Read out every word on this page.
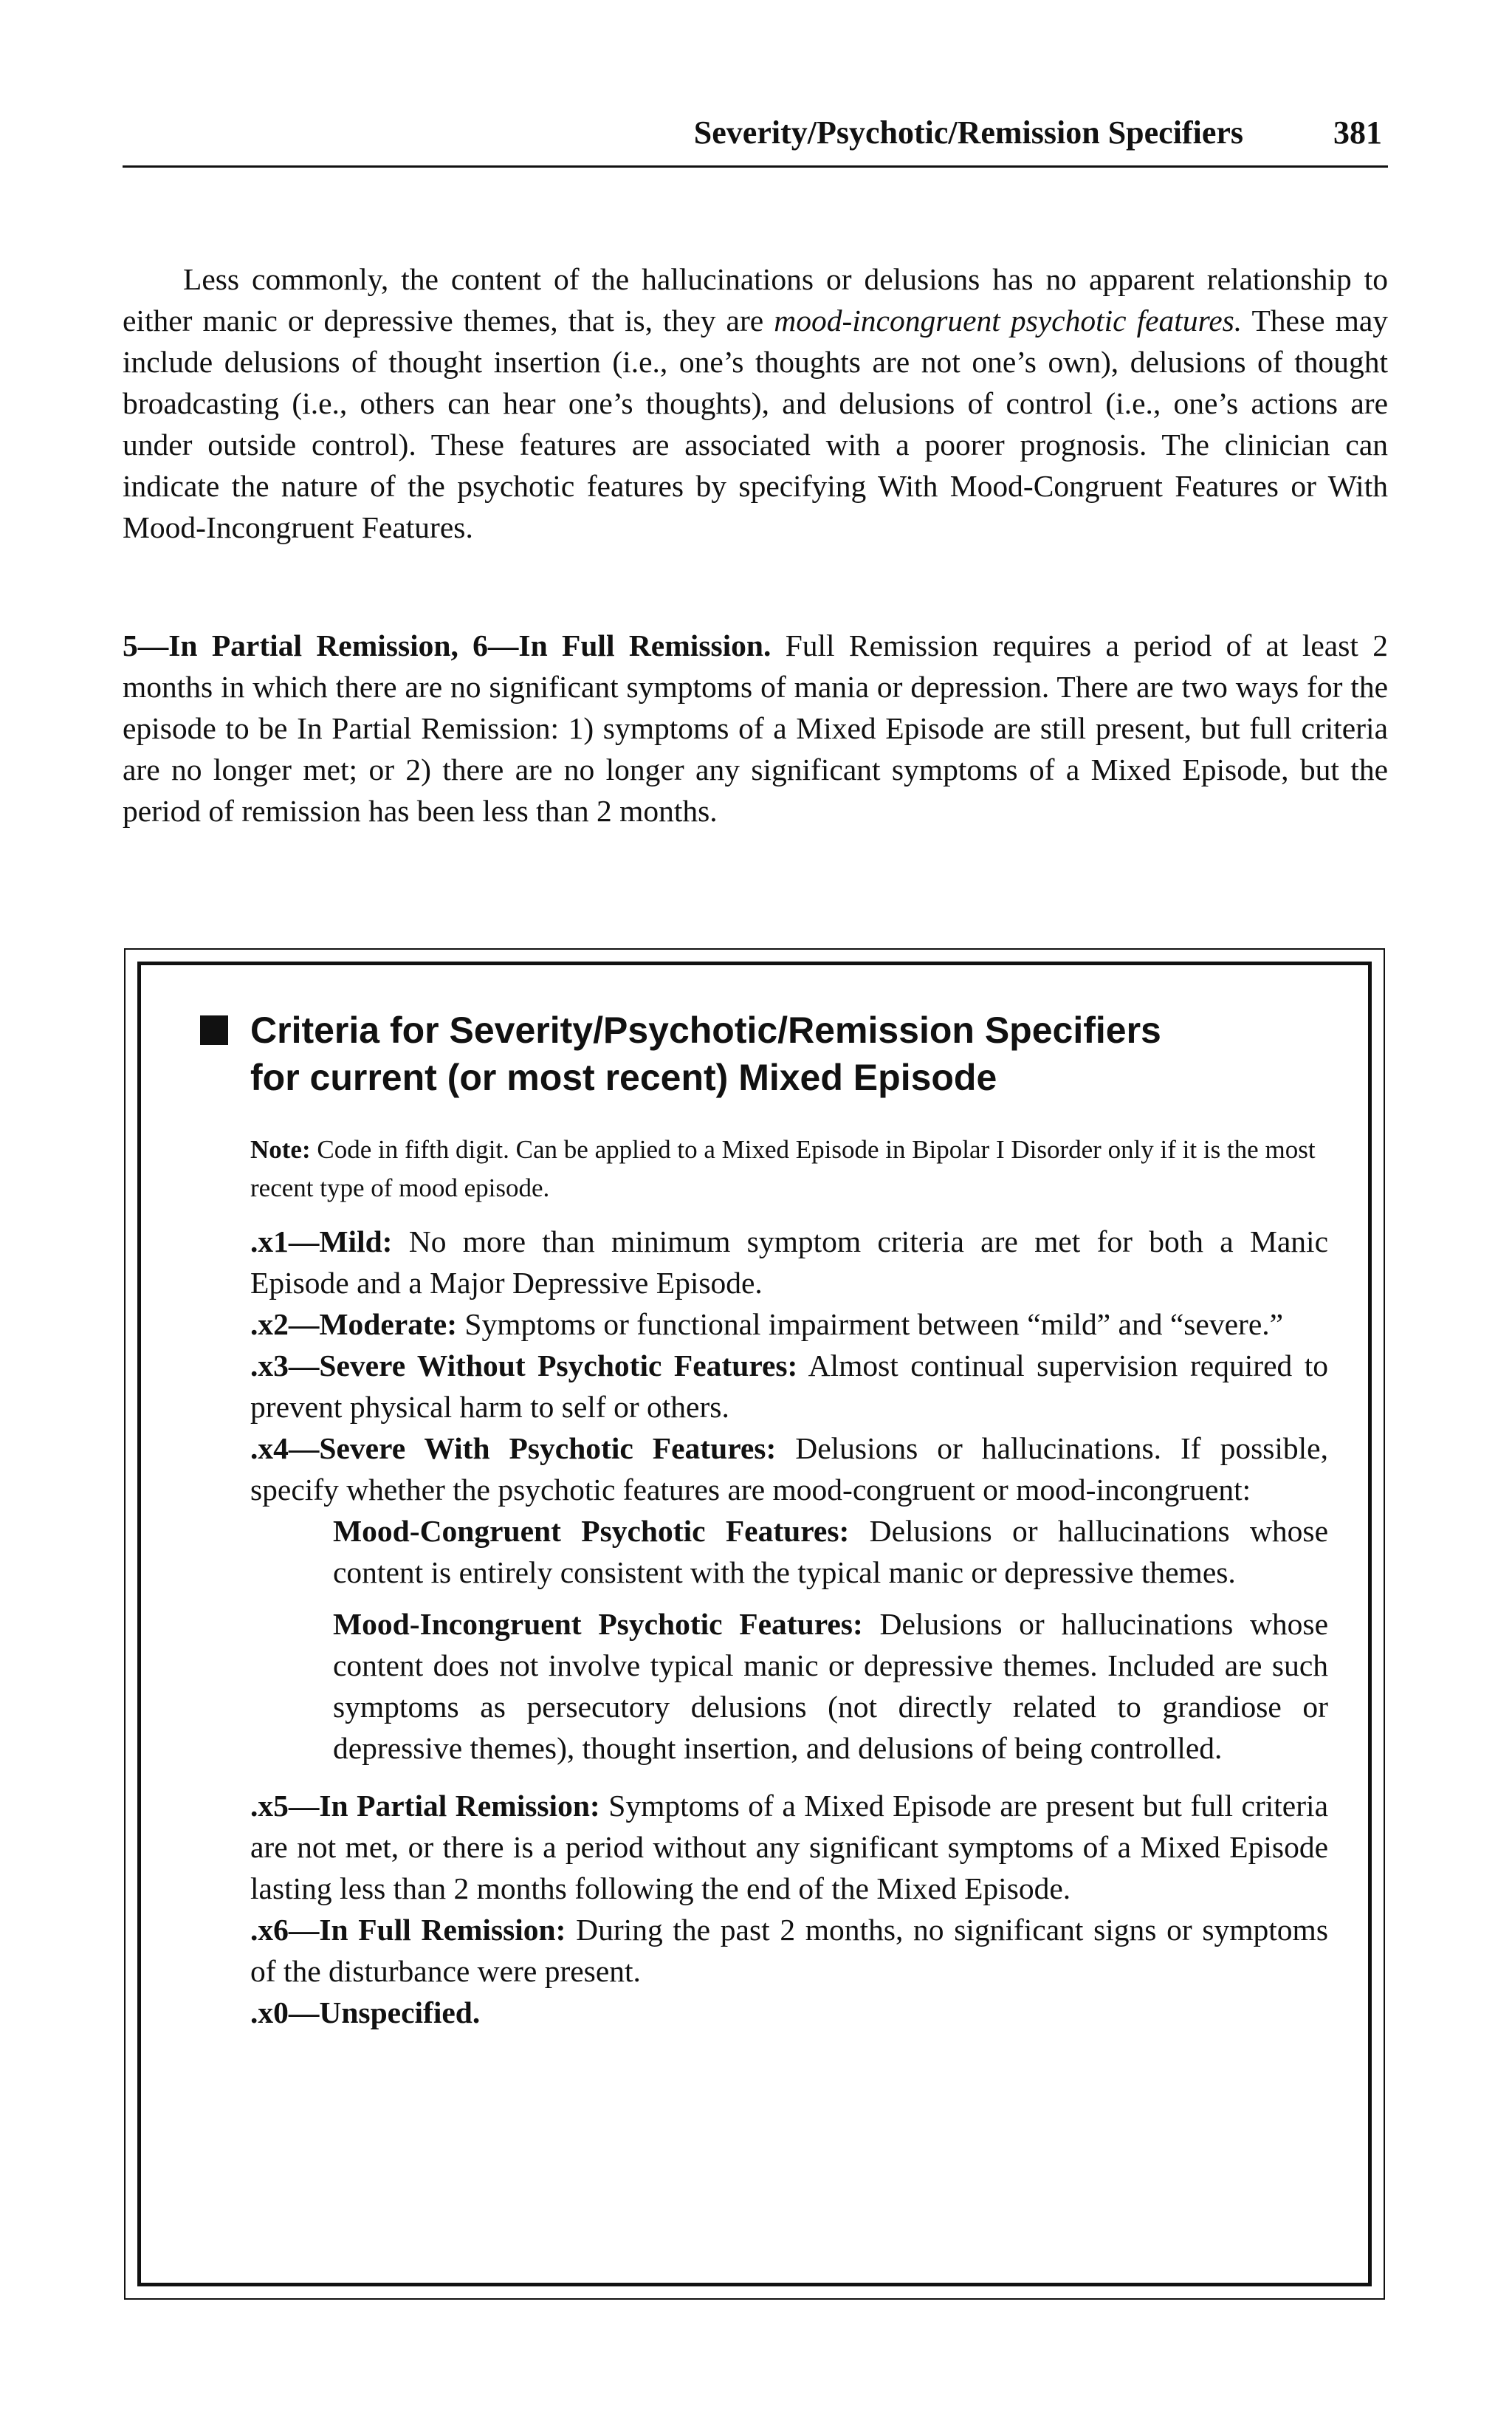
Severity/Psychotic/Remission Specifiers	381

Less commonly, the content of the hallucinations or delusions has no apparent relationship to either manic or depressive themes, that is, they are mood-incongruent psychotic features. These may include delusions of thought insertion (i.e., one’s thoughts are not one’s own), delusions of thought broadcasting (i.e., others can hear one’s thoughts), and delusions of control (i.e., one’s actions are under outside control). These features are associated with a poorer prognosis. The clinician can indicate the nature of the psychotic features by specifying With Mood-Congruent Features or With Mood-Incongruent Features.

5—In Partial Remission, 6—In Full Remission. Full Remission requires a period of at least 2 months in which there are no significant symptoms of mania or depression. There are two ways for the episode to be In Partial Remission: 1) symptoms of a Mixed Episode are still present, but full criteria are no longer met; or 2) there are no longer any significant symptoms of a Mixed Episode, but the period of remission has been less than 2 months.

Criteria for Severity/Psychotic/Remission Specifiers
for current (or most recent) Mixed Episode

Note: Code in fifth digit. Can be applied to a Mixed Episode in Bipolar I Disorder only if it is the most recent type of mood episode.

.x1—Mild: No more than minimum symptom criteria are met for both a Manic Episode and a Major Depressive Episode.

.x2—Moderate: Symptoms or functional impairment between “mild” and “severe.”

.x3—Severe Without Psychotic Features: Almost continual supervision required to prevent physical harm to self or others.

.x4—Severe With Psychotic Features: Delusions or hallucinations. If possible, specify whether the psychotic features are mood-congruent or mood-incongruent:

Mood-Congruent Psychotic Features: Delusions or hallucinations whose content is entirely consistent with the typical manic or depressive themes.

Mood-Incongruent Psychotic Features: Delusions or hallucinations whose content does not involve typical manic or depressive themes. Included are such symptoms as persecutory delusions (not directly related to grandiose or depressive themes), thought insertion, and delusions of being controlled.

.x5—In Partial Remission: Symptoms of a Mixed Episode are present but full criteria are not met, or there is a period without any significant symptoms of a Mixed Episode lasting less than 2 months following the end of the Mixed Episode.

.x6—In Full Remission: During the past 2 months, no significant signs or symptoms of the disturbance were present.

.x0—Unspecified.
